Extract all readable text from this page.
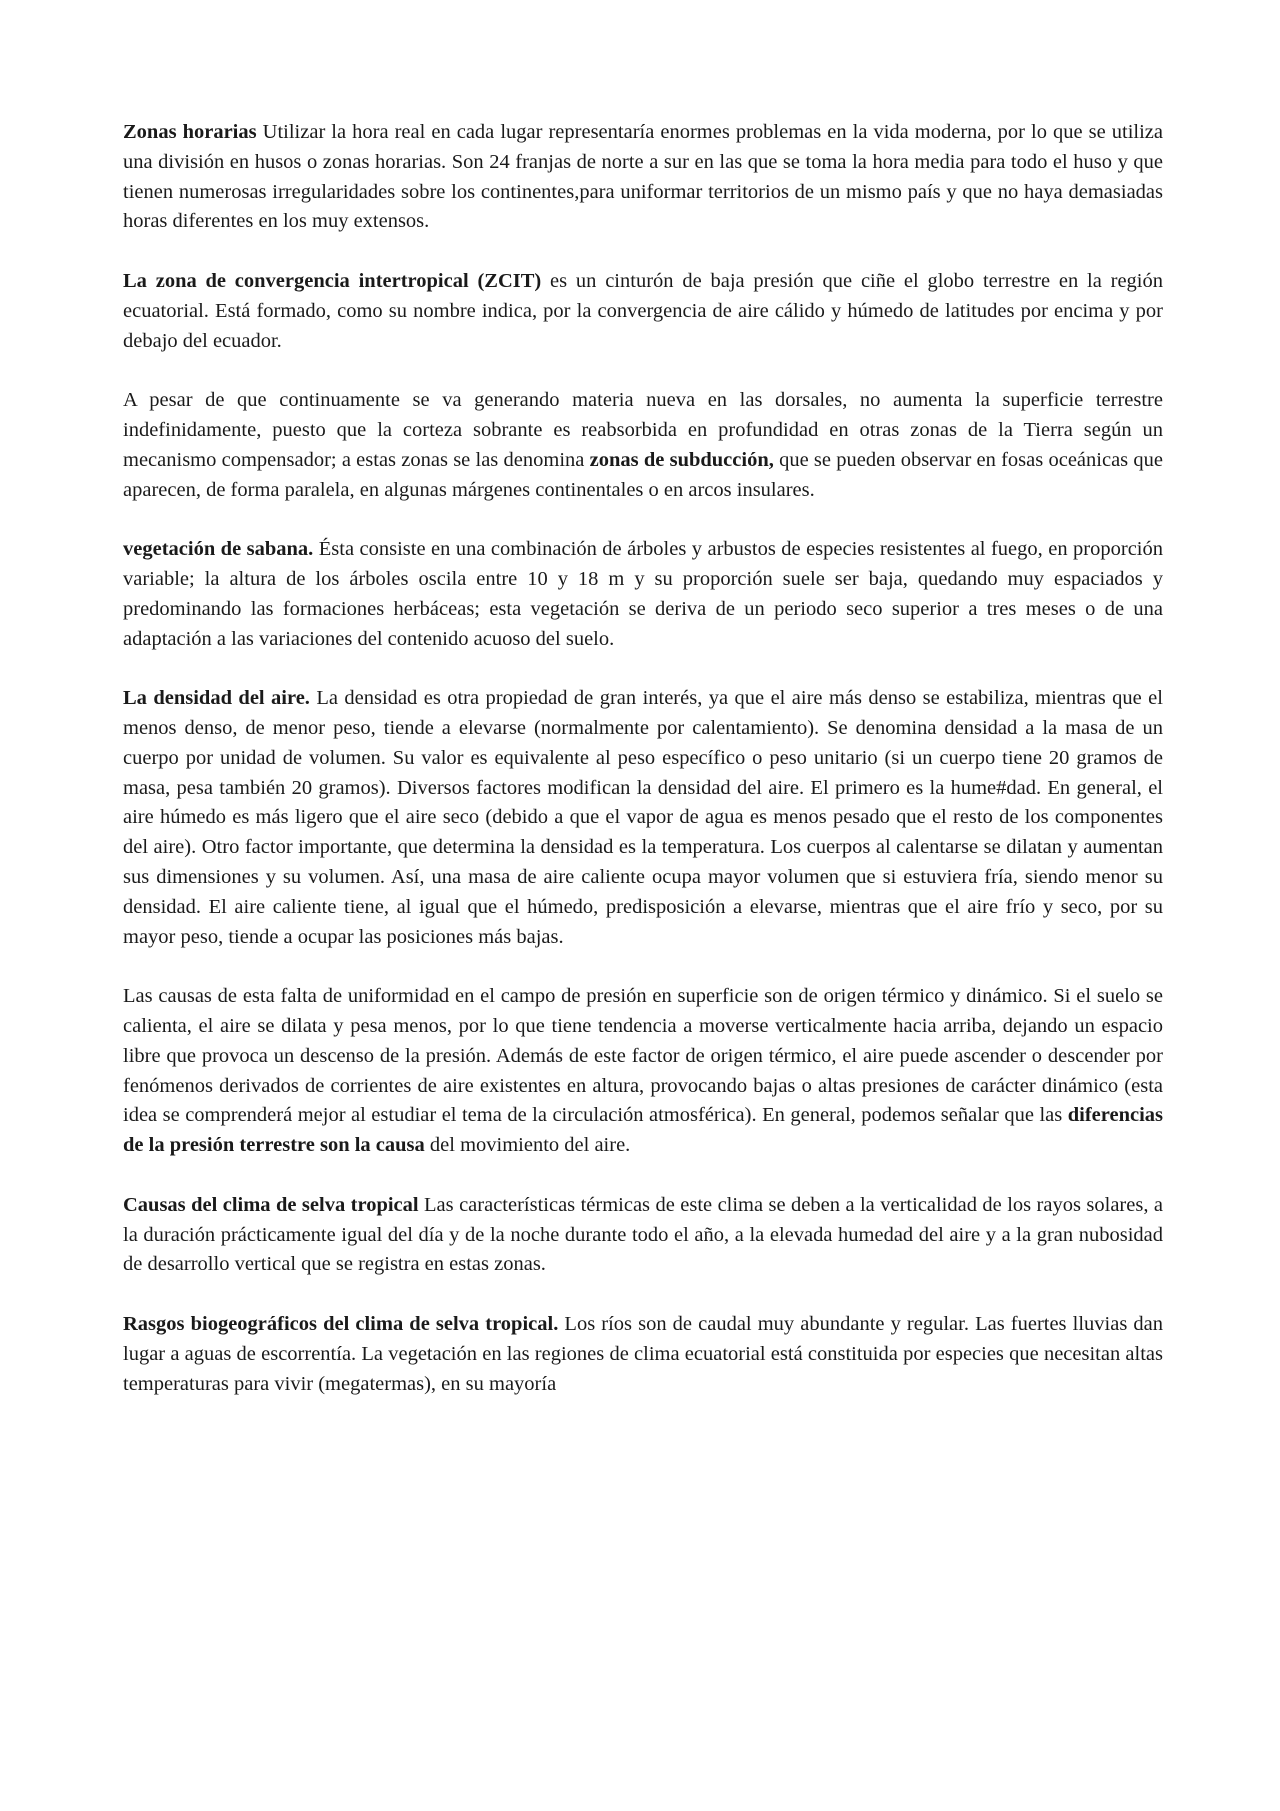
Zonas horarias Utilizar la hora real en cada lugar representaría enormes problemas en la vida moderna, por lo que se utiliza una división en husos o zonas horarias. Son 24 franjas de norte a sur en las que se toma la hora media para todo el huso y que tienen numerosas irregularidades sobre los continentes,para uniformar territorios de un mismo país y que no haya demasiadas horas diferentes en los muy extensos.

La zona de convergencia intertropical (ZCIT) es un cinturón de baja presión que ciñe el globo terrestre en la región ecuatorial. Está formado, como su nombre indica, por la convergencia de aire cálido y húmedo de latitudes por encima y por debajo del ecuador.

A pesar de que continuamente se va generando materia nueva en las dorsales, no aumenta la superficie terrestre indefinidamente, puesto que la corteza sobrante es reabsorbida en profundidad en otras zonas de la Tierra según un mecanismo compensador; a estas zonas se las denomina zonas de subducción, que se pueden observar en fosas oceánicas que aparecen, de forma paralela, en algunas márgenes continentales o en arcos insulares.

vegetación de sabana. Ésta consiste en una combinación de árboles y arbustos de especies resistentes al fuego, en proporción variable; la altura de los árboles oscila entre 10 y 18 m y su proporción suele ser baja, quedando muy espaciados y predominando las formaciones herbáceas; esta vegetación se deriva de un periodo seco superior a tres meses o de una adaptación a las variaciones del contenido acuoso del suelo.

La densidad del aire. La densidad es otra propiedad de gran interés, ya que el aire más denso se estabiliza, mientras que el menos denso, de menor peso, tiende a elevarse (normalmente por calentamiento). Se denomina densidad a la masa de un cuerpo por unidad de volumen. Su valor es equivalente al peso específico o peso unitario (si un cuerpo tiene 20 gramos de masa, pesa también 20 gramos). Diversos factores modifican la densidad del aire. El primero es la hume#dad. En general, el aire húmedo es más ligero que el aire seco (debido a que el vapor de agua es menos pesado que el resto de los componentes del aire). Otro factor importante, que determina la densidad es la temperatura. Los cuerpos al calentarse se dilatan y aumentan sus dimensiones y su volumen. Así, una masa de aire caliente ocupa mayor volumen que si estuviera fría, siendo menor su densidad. El aire caliente tiene, al igual que el húmedo, predisposición a elevarse, mientras que el aire frío y seco, por su mayor peso, tiende a ocupar las posiciones más bajas.

Las causas de esta falta de uniformidad en el campo de presión en superficie son de origen térmico y dinámico. Si el suelo se calienta, el aire se dilata y pesa menos, por lo que tiene tendencia a moverse verticalmente hacia arriba, dejando un espacio libre que provoca un descenso de la presión. Además de este factor de origen térmico, el aire puede ascender o descender por fenómenos derivados de corrientes de aire existentes en altura, provocando bajas o altas presiones de carácter dinámico (esta idea se comprenderá mejor al estudiar el tema de la circulación atmosférica). En general, podemos señalar que las diferencias de la presión terrestre son la causa del movimiento del aire.

Causas del clima de selva tropical Las características térmicas de este clima se deben a la verticalidad de los rayos solares, a la duración prácticamente igual del día y de la noche durante todo el año, a la elevada humedad del aire y a la gran nubosidad de desarrollo vertical que se registra en estas zonas.

Rasgos biogeográficos del clima de selva tropical. Los ríos son de caudal muy abundante y regular. Las fuertes lluvias dan lugar a aguas de escorrentía. La vegetación en las regiones de clima ecuatorial está constituida por especies que necesitan altas temperaturas para vivir (megatermas), en su mayoría
